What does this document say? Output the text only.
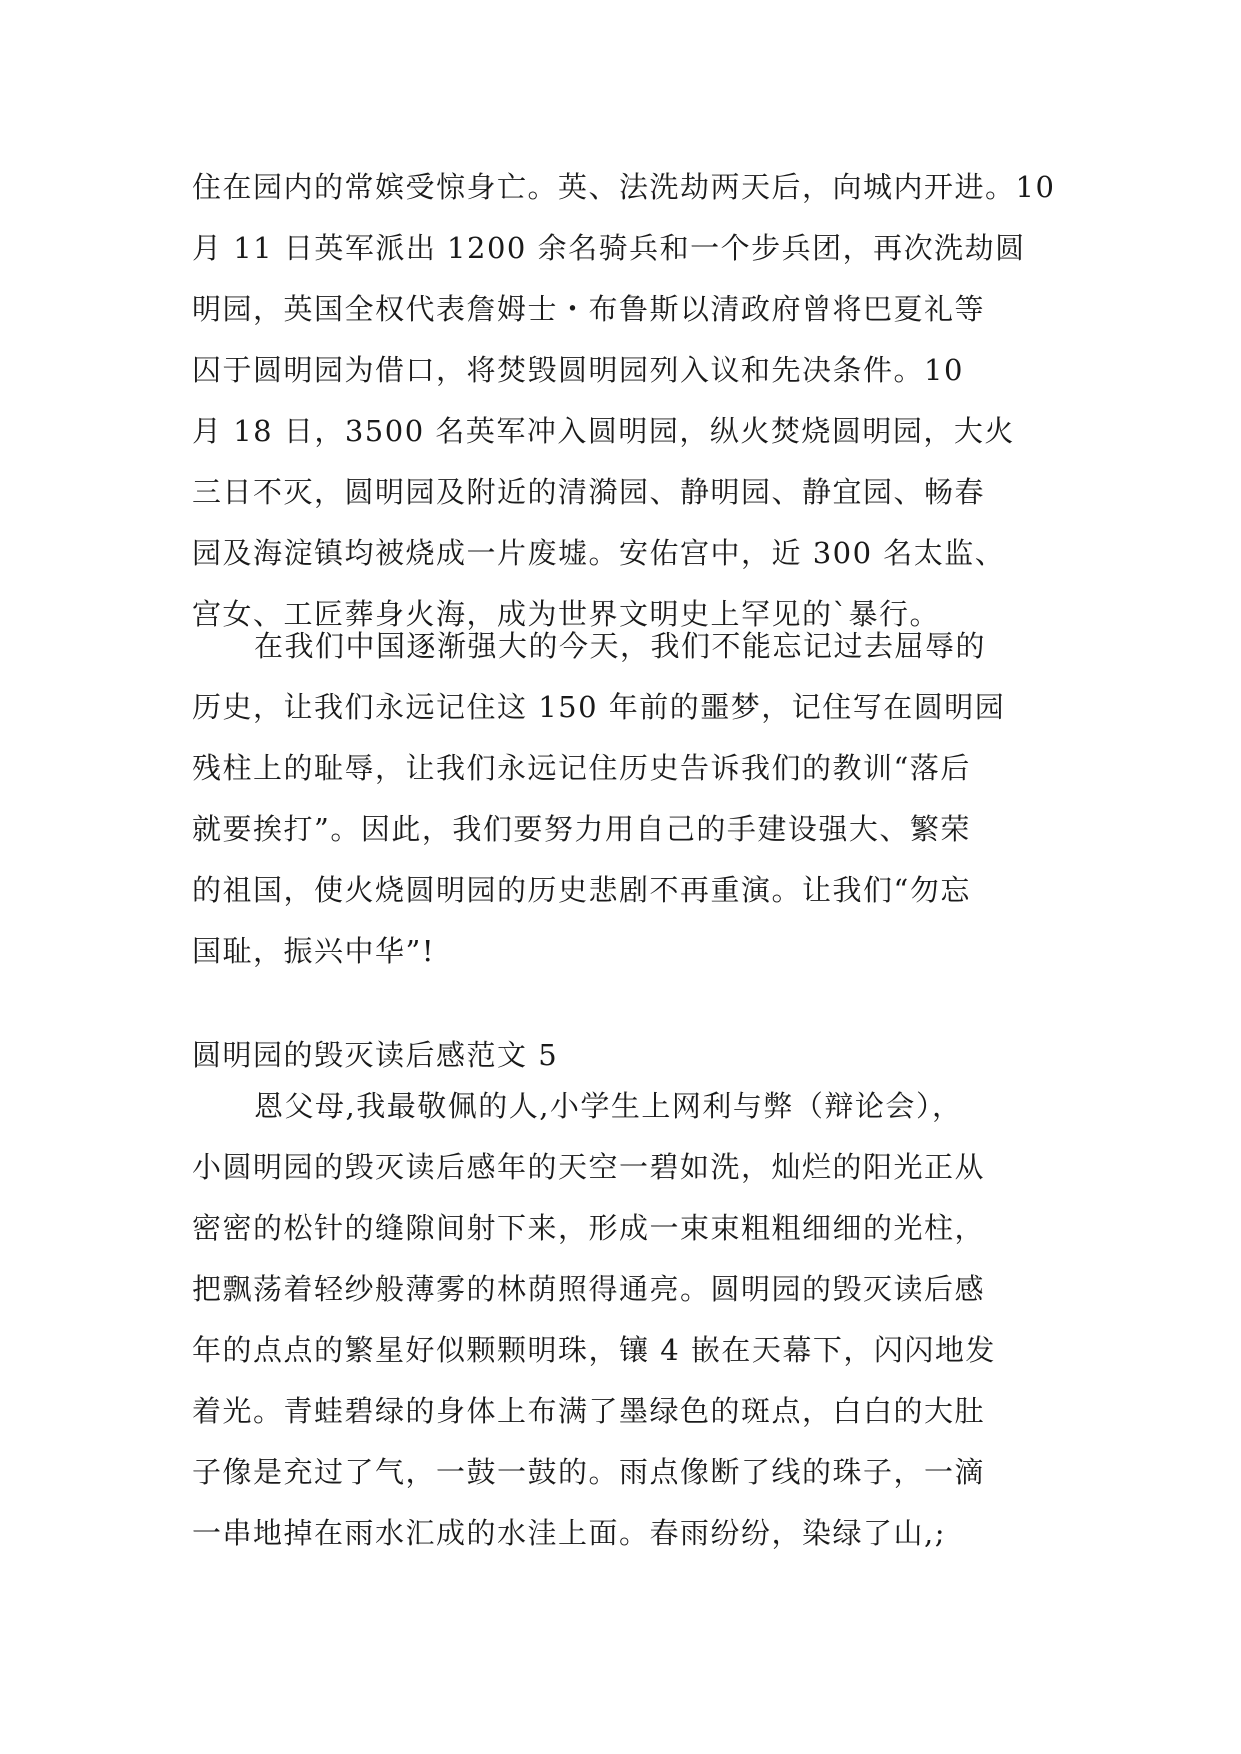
住在园内的常嫔受惊身亡。英、法洗劫两天后，向城内开进。10
月 11 日英军派出 1200 余名骑兵和一个步兵团，再次洗劫圆
明园，英国全权代表詹姆士・布鲁斯以清政府曾将巴夏礼等
囚于圆明园为借口，将焚毁圆明园列入议和先决条件。10
月 18 日，3500 名英军冲入圆明园，纵火焚烧圆明园，大火
三日不灭，圆明园及附近的清漪园、静明园、静宜园、畅春
园及海淀镇均被烧成一片废墟。安佑宫中，近 300 名太监、
宫女、工匠葬身火海，成为世界文明史上罕见的`暴行。
在我们中国逐渐强大的今天，我们不能忘记过去屈辱的
历史，让我们永远记住这 150 年前的噩梦，记住写在圆明园
残柱上的耻辱，让我们永远记住历史告诉我们的教训“落后
就要挨打”。因此，我们要努力用自己的手建设强大、繁荣
的祖国，使火烧圆明园的历史悲剧不再重演。让我们“勿忘
国耻，振兴中华”!
圆明园的毁灭读后感范文 5
恩父母,我最敬佩的人,小学生上网利与弊（辩论会），
小圆明园的毁灭读后感年的天空一碧如洗，灿烂的阳光正从
密密的松针的缝隙间射下来，形成一束束粗粗细细的光柱，
把飘荡着轻纱般薄雾的林荫照得通亮。圆明园的毁灭读后感
年的点点的繁星好似颗颗明珠，镶 4 嵌在天幕下，闪闪地发
着光。青蛙碧绿的身体上布满了墨绿色的斑点，白白的大肚
子像是充过了气，一鼓一鼓的。雨点像断了线的珠子，一滴
一串地掉在雨水汇成的水洼上面。春雨纷纷，染绿了山,;
